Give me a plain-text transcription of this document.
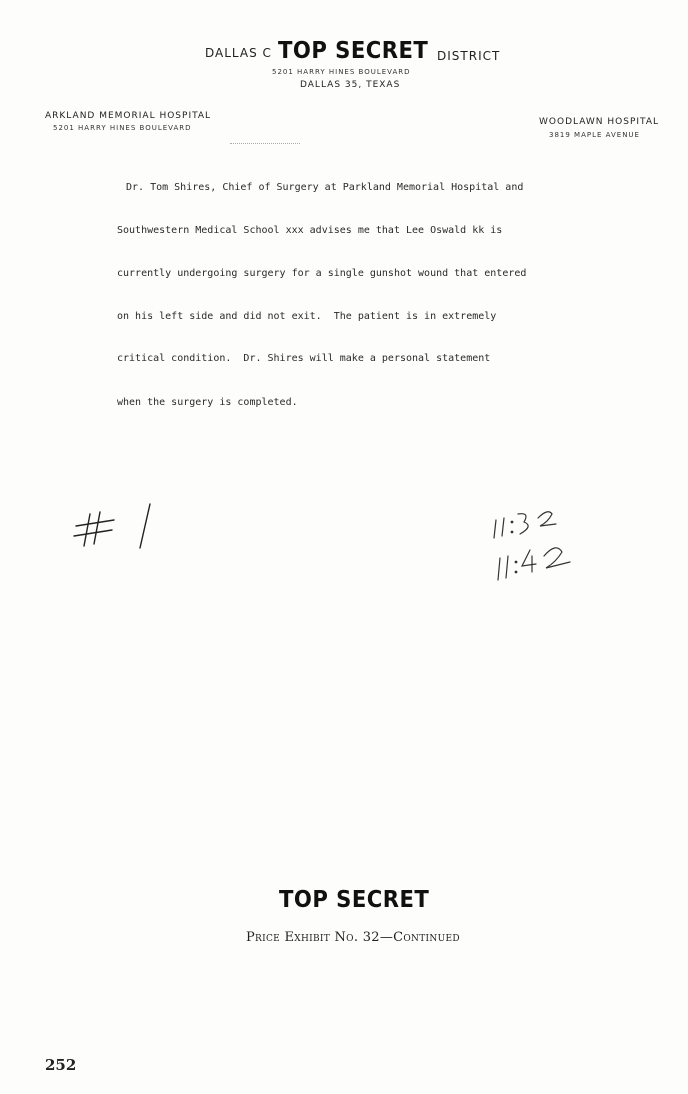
DALLAS C	DISTRICT
TOP SECRET
5201 HARRY HINES BOULEVARD
DALLAS 35, TEXAS
ARKLAND MEMORIAL HOSPITAL
5201 HARRY HINES BOULEVARD
WOODLAWN HOSPITAL
3819 MAPLE AVENUE
Dr. Tom Shires, Chief of Surgery at Parkland Memorial Hospital and
Southwestern Medical School xxx advises me that Lee Oswald kk is
currently undergoing surgery for a single gunshot wound that entered
on his left side and did not exit.  The patient is in extremely
critical condition.  Dr. Shires will make a personal statement
when the surgery is completed.
TOP SECRET
Price Exhibit No. 32—Continued
252
